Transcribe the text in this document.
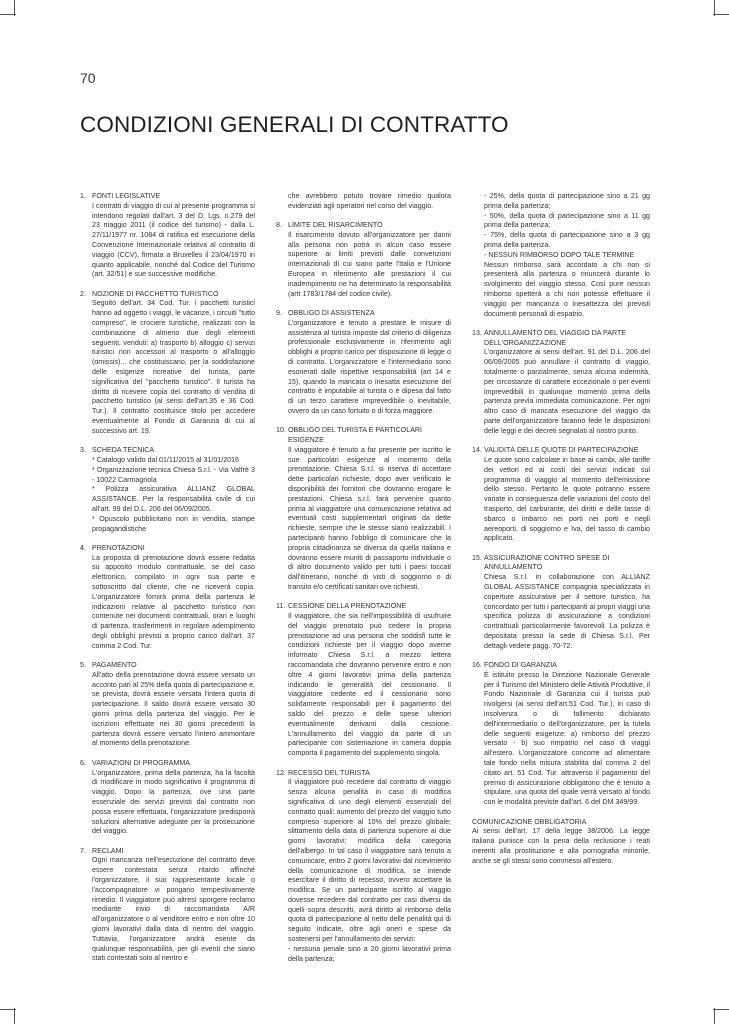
70
CONDIZIONI GENERALI DI CONTRATTO
1. FONTI LEGISLATIVE

I contratti di viaggio di cui al presente programma si intendono regolati dall'art. 3 del D. Lgs. n.279 del 23 maggio 2011 (il codice del turismo) - dalla L. 27/11/1977 nr. 1084 di ratifica ed esecuzione della Convenzione Internazionale relativa al contratto di viaggio (CCV), firmata a Bruxelles il 23/04/1970 in quanto applicabile, nonché dal Codice del Turismo (art. 32/51) e sue successive modifiche.

2. NOZIONE DI PACCHETTO TURISTICO

Seguito dell'art. 34 Cod. Tur. i pacchetti turistici hanno ad oggetto i viaggi, le vacanze, i circuiti "tutto compreso", le crociere turistiche, realizzati con la combinazione di almeno due degli elementi seguenti, venduti: a) trasporto b) alloggio c) servizi turistici non accessori al trasporto o all'alloggio (omissis)... che costituiscano, per la soddisfazione delle esigenze ricreative del turista, parte significativa del "pacchetto turistico". Il turista ha diritto di ricevere copia del contratto di vendita di pacchetto turistico (ai sensi dell'art.35 e 36 Cod. Tur.). Il contratto costituisce titolo per accedere eventualmente al Fondo di Garanzia di cui al successivo art. 19.

3. SCHEDA TECNICA

* Catalogo valido dal 01/11/2015 al 31/01/2016
* Organizzazione tecnica Chiesa S.r.l. - Via Valfrè 3 - 10022 Carmagnola
* Polizza assicurativa ALLIANZ GLOBAL ASSISTANCE. Per la responsabilità civile di cui all'art. 99 del D.L. 206 del 06/09/2005.
* Opuscolo pubblicitario non in vendita, stampe propagandistiche

4. PRENOTAZIONI

La proposta di prenotazione dovrà essere redatta su apposito modulo contrattuale, se del caso elettronico, compilato in ogni sua parte e sottoscritto dal cliente, che ne riceverà copia. L'organizzatore fornirà prima della partenza le indicazioni relative al pacchetto turistico non contenute nei documenti contrattuali, orari e luoghi di partenza, trasferimenti in regolare adempimento degli obblighi previsti a proprio carico dall'art. 37 comma 2 Cod. Tur.

5. PAGAMENTO

All'atto della prenotazione dovrà essere versato un acconto pari al 25% della quota di partecipazione e, se prevista, dovrà essere versata l'intera quota di partecipazione. Il saldo dovrà essere versato 30 giorni prima della partenza del viaggio. Per le iscrizioni effettuate nei 30 giorni precedenti la partenza dovrà essere versato l'intero ammontare al momento della prenotazione.

6. VARIAZIONI DI PROGRAMMA

L'organizzatore, prima della partenza, ha la facoltà di modificare in modo significativo il programma di viaggio. Dopo la partenza, ove una parte essenziale dei servizi previsti dal contratto non possa essere effettuata, l'organizzatore predisporrà soluzioni alternative adeguate per la prosecuzione del viaggio.

7. RECLAMI

Ogni mancanza nell'esecuzione del contratto deve essere contestata senza ritardo affinché l'organizzatore, il suo rappresentante locale o l'accompagnatore vi pongano tempestivamente rimedio. Il viaggiatore può altresì sporgere reclamo mediante invio di raccomandata A/R all'organizzatore o al venditore entro e non oltre 10 giorni lavorativi dalla data di rientro del viaggio. Tuttavia, l'organizzatore andrà esente da qualunque responsabilità, per gli eventi che siano stati contestati solo al rientro e

che avrebbero potuto trovare rimedio qualora evidenziati agli operatori nel corso del viaggio.

8. LIMITE DEL RISARCIMENTO

Il risarcimento dovuto all'organizzatore per danni alla persona non potrà in alcun caso essere superiore ai limiti previsti dalle convenzioni internazionali di cui siano parte l'Italia e l'Unione Europea in riferimento alle prestazioni il cui inadempimento ne ha determinato la responsabilità (artt 1783/1784 del codice civile).

9. OBBLIGO DI ASSISTENZA

L'organizzatore è tenuto a prestare le misure di assistenza al turista imposte dal criterio di diligenza professionale esclusivamente in riferimento agli obblighi a proprio carico per disposizione di legge o di contratto. L'organizzatore e l'intermediario sono esonerati dalle rispettive responsabilità (art 14 e 15), quando la mancata o inesatta esecuzione del contratto è imputabile al turista o è dipesa dal fatto di un terzo carattere imprevedibile o inevitabile, ovvero da un caso fortuito o di forza maggiore.

10. OBBLIGO DEL TURISTA E PARTICOLARI ESIGENZE

Il viaggiatore è tenuto a far presente per iscritto le sue particolari esigenze al momento della prenotazione. Chiesa S.r.l. si riserva di accettare dette particolari richieste, dopo aver verificato le disponibilità dei fornitori che dovranno erogare le prestazioni. Chiesa s.r.l. farà pervenire quanto prima al viaggiatore una comunicazione relativa ad eventuali costi supplementari originati da dette richieste, sempre che le stesse siano realizzabili. I partecipanti hanno l'obbligo di comunicare che la propria cittadinanza se diversa da quella italiana e dovranno essere muniti di passaporto individuale o di altro documento valido per tutti i paesi toccati dall'itinerario, nonché di visti di soggiorno o di transito e/o certificati sanitari ove richiesti.

11. CESSIONE DELLA PRENOTAZIONE

Il viaggiatore, che sia nell'impossibilità di usufruire del viaggio prenotato può cedere la propria prenotazione ad una persona che soddisfi tutte le condizioni richieste per il viaggio dopo averne informato Chiesa S.r.l. a mezzo lettera raccomandata che dovranno pervenire entro e non oltre 4 giorni lavorativi prima della partenza indicando le generalità del cessionario. Il viaggiatore cedente ed il cessionario sono solidamente responsabili per il pagamento del saldo del prezzo e delle spese ulteriori eventualmente derivanti dalla cessione. L'annullamento del viaggio da parte di un partecipante con sistemazione in camera doppia comporta il pagamento del supplemento singola.

12. RECESSO DEL TURISTA

Il viaggiatore può recedere dal contratto di viaggio senza alcuna penalità in caso di modifica significativa di uno degli elementi essenziali del contratto quali: aumento del prezzo del viaggio tutto compreso superiore al 10% del prezzo globale; slittamento della data di partenza superiore ai due giorni lavorativi; modifica della categoria dell'albergo. In tal caso il viaggiatore sarà tenuto a comunicare, entro 2 giorni lavorativi dal ricevimento della comunicazione di modifica, se intende esercitare il diritto di recesso, ovvero accettare la modifica. Se un partecipante iscritto al viaggio dovesse recedere dal contratto per casi diversi da quelli sopra descritti, avrà diritto al rimborso della quota di partecipazione al netto delle penalità qui di seguito indicate, oltre agli oneri e spese da sostenersi per l'annullamento dei servizi:
- nessuna penale sino a 20 giorni lavorativi prima della partenza;

- 25%, della quota di partecipazione sino a 21 gg prima della partenza;
- 50%, della quota di partecipazione sino a 11 gg prima della partenza;
- 75%, della quota di partecipazione sino a 3 gg prima della partenza.
- NESSUN RIMBORSO DOPO TALE TERMINE
Nessun rimborso sarà accordato a chi non si presenterà alla partenza o rinuncerà durante lo svolgimento del viaggio stesso. Così pure nessun rimborso spetterà a chi non potesse effettuare il viaggio per mancanza o inesattezza dei previsti documenti personali di espatrio.

13. ANNULLAMENTO DEL VIAGGIO DA PARTE DELL'ORGANIZZAZIONE

L'organizzatore ai sensi dell'art. 91 del D.L. 206 del 06/09/2005 può annullare il contratto di viaggio, totalmente o parzialmente, senza alcuna indennità, per circostanze di carattere eccezionale o per eventi imprevedibili in qualunque momento prima della partenza previa immediata comunicazione. Per ogni altro caso di mancata esecuzione del viaggio da parte dell'organizzatore faranno fede le disposizioni delle leggi e dei decreti segnalati al nostro punto.

14. VALIDITÀ DELLE QUOTE DI PARTECIPAZIONE

Le quote sono calcolate in base ai cambi, alle tariffe dei vettori ed ai costi dei servizi indicati sul programma di viaggio al momento dell'emissione dello stesso. Pertanto le quote potranno essere variate in conseguenza delle variazioni del costo del trasporto, del carburante, dei diritti e delle tasse di sbarco o imbarco nei porti nei porti e negli aereoporti, di soggiorno e Iva, del tasso di cambio applicato.

15. ASSICURAZIONE CONTRO SPESE DI ANNULLAMENTO

Chiesa S.r.l. in collaborazione con ALLIANZ GLOBAL ASSISTANCE compagnia specializzata in coperture assicurative per il settore turistico, ha concordato per tutti i partecipanti ai propri viaggi una specifica polizza di assicurazione a condizioni contrattuali particolarmente favorevoli. La polizza è depositata presso la sede di Chiesa S.r.l. Per dettagli vedere pagg. 70-72.

16. FONDO DI GARANZIA

È istituito presso la Direzione Nazionale Generale per il Turismo del Ministero delle Attività Produttive, il Fondo Nazionale di Garanzia cui il turista può rivolgersi (ai sensi dell'art.51 Cod. Tur.), in caso di insolvenza o di fallimento dichiarato dell'intermediario o dell'organizzatore, per la tutela delle seguenti esigenze: a) rimborso del prezzo versato - b) suo rimpatrio nel caso di viaggi all'estero. L'organizzatore concorre ad alimentare tale fondo nella misura stabilita dal comma 2 del citato art. 51 Cod. Tur. attraverso il pagamento del premio di assicurazione obbligatorio che è tenuto a stipulare, una quota del quale verrà versato al fondo con le modalità previste dall'art. 6 del DM 349/99.

COMUNICAZIONE OBBLIGATORIA

Ai sensi dell'art. 17 della legge 38/2006. La legge italiana punisce con la pena della reclusione i reati inerenti alla prostituzione e alla pornografia minorile, anche se gli stessi sono commessi all'estero.
